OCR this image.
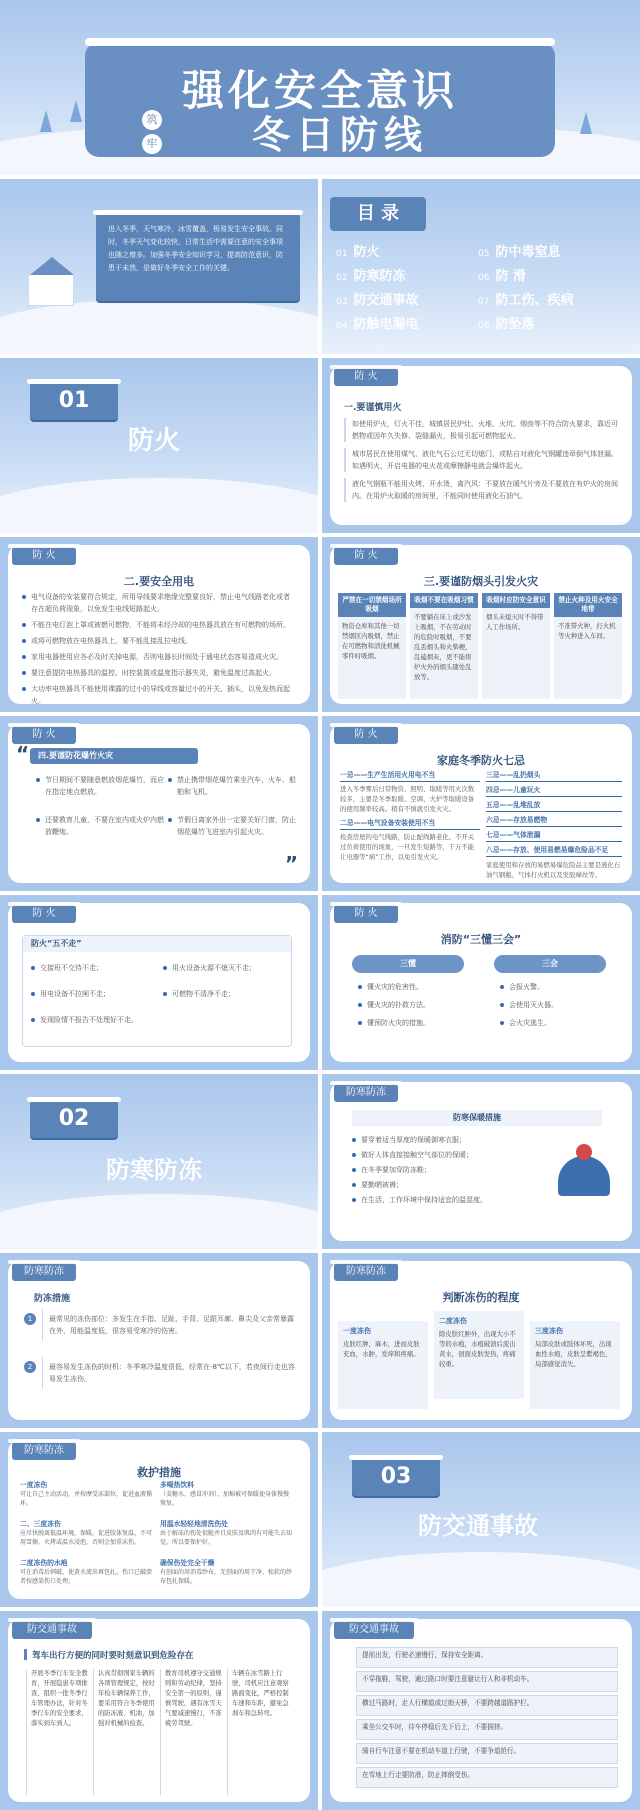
强化安全意识
筑
牢	冬日防线
进入冬季，天气寒冷，冰雪覆盖，极易发生安全事故。同时，冬季天气变化较快，日常生活中需要注意的安全事项也随之增多。加强冬季安全知识学习，提高防范意识，防患于未然，是做好冬季安全工作的关键。
目 录
01 防火
02 防寒防冻
03 防交通事故
04 防触电漏电
05 防中毒窒息
06 防 滑
07 防工伤、疾病
08 防坠落
01
防火
防 火
一.要谨慎用火
如使用炉火，灯火不佳，城镇居民炉灶、火堆、火坑、烟囱等不符合防火要求，靠近可燃物或因年久失修、裂缝漏火，极易引起可燃物起火。
城市居民在使用煤气、液化气石公过无切熄门，或粘自对液化气钢罐违章倒气体泄漏。如遇明火，开启电器的电火花或摩擦静电就会爆炸起火。
液化气钢瓶不能用火烤、开水烫，禽汽风：不要放在暖气片旁及不要放在有炉火的房间内。在用炉火取暖的房间里，不能同时使用液化石油气。
防 火
二.要安全用电
电气设备的安装要符合规定，所用导线要求绝缘完整要良好，禁止电气线路老化或者存在超负荷现象，以免发生电线短路起火。
不能在电灯泡上罩或被燃可燃物，不能将未经冷却的电热器具放在有可燃物的场所。
或将可燃物放在电热器具上，要不能乱接乱拉电线。
家用电器使用应各必及时关掉电源，否则电器长时间处于通电状态容易造成火灾。
要注意提防电热器具的温控、时控装置或温度指示器失灵，避免温度过高起火。
大功率电热器具不能使用裸露的过小的导线或容量过小的开关、插头，以免发热而起火。
防 火
三.要谨防烟头引发火灾
严禁在一切禁烟场所吸烟
物资仓库和其他一切禁烟区内吸烟，禁止在可燃物和清洗机械零件时吸烟。
吸烟不要在吸烟习惯
不要躺在床上或沙发上吸烟，不在劳动时的危险时吸烟，不要乱丢烟头和火柴梗，乱磕烟灰，更不能将炉火外的烟头随处乱放等。
吸烟时应防安全意识
烟头未熄灭时不得带人工作场所。
禁止火种及用火安全地带
不准带火种，打火机等火种进入车间。
防 火
四.要谨防花爆竹火灾
“
”
节日期间不要随意燃放烟花爆竹，而应在指定地点燃放。
禁止携带烟花爆竹乘坐汽车、火车、船舶和飞机。
还要教育儿童，不要在室内或火炉内燃放鞭炮。
节假日离家外出一定要关好门窗，防止烟花爆竹飞进室内引起火灾。
防 火
家庭冬季防火七忌
一忌——生产生活用火用电不当
进入冬季雾后日常物资、照明、取暖等用火次数较多，主要是冬季取暖、空调、火炉等取暖设备的使用频率较高。稍有不慎就引发火灾。
二忌——电气设备安装使用不当
检查房屋的电气线路，防止配线路老化、不开关过负荷使用的现象，一旦发生短路等，千万不能让电器等“病”工作，以免引发火灾。
三忌——乱扔烟头
四忌——儿童玩火
五忌——乱堆乱放
六忌——存放易燃物
七忌——气体泄漏
八忌——存放、使用易燃易爆危险品不足
家庭使用和存放的易燃易爆危险品主要是液化石油气钢瓶、气体打火机以及发胶摩丝等。
防 火
防火“五不走”
交接班不交待不走；	用火设备火源不熄灭不走；
用电设备不拉闸不走；	可燃物不清净不走；
发现险情不报告不处理好不走。
防 火
消防“三懂三会”
三懂	三会
懂火灾的危害性。
懂火灾的扑救方法。
懂预防火灾的措施。
会报火警。
会使用灭火器。
会火灾逃生。
02
防寒防冻
防寒防冻
防寒保暖措施
要穿着适当厚度的保暖御寒衣服；
做好人体直接接触空气部位的保暖；
在冬季要加穿防冻鞋；
要勤晒被褥；
在生活、工作环境中保持适宜的温湿度。
防寒防冻
防冻措施
1	最常见的冻伤部位：多发生在手指、足趾、手背、足跟耳廓、鼻尖及父亲常暴露在外，用能温度低，很容易受寒冷的伤害。
2	最容易发生冻伤的时机：冬季寒冷温度很低，经常在-8℃以下，若夜间行走也容易发生冻伤。
防寒防冻
判断冻伤的程度
一度冻伤
皮肤红肿，麻木，进而皮肤充血，水肿，发痒和疼痛。
二度冻伤
除皮肤红肿外，出现大小不等的水疱，水疱破溃后流出黄水，创面皮肤发热，疼痛较重。
三度冻伤
局部皮肤或肢体坏死，出现血性水疱，皮肤呈紫褐色，局部感觉消失。
防寒防冻
救护措施
一度冻伤
可让自己主动活动，并按摩受冻部位，促进血液循环。
多喝热饮料
（姜糖水、感冒冲剂），加棉被可保暖使身体慢慢恢复。
二、三度冻伤
应尽快脱离低温环境，保暖，促进肢体复温，不可用雪擦，火烤或温水浸泡，否则会加重冻伤。
用温水轻轻地清洗伤处
由于解冻的伤处很脆并且皮肤及肌肉有可能失去知觉，所以要保护好。
二度冻伤的水疱
可在消毒后刺破，使黄水流出再包扎。伤口已破溃者按感染伤口处理。
确保伤处完全干燥
有创面的用消毒纱布，无创面的用干净、松软的纱布包扎保暖。
03
防交通事故
防交通事故
驾车出行方便的同时要时刻意识到危险存在
开展冬季行车安全教育，开展隐患专项排查，组织一批冬季行车管理办法，针对冬季行车的安全要求，落实到车到人。
认真贯彻国家车辆的各项管理规定，按时年检车辆保养工作，要采用符合冬季使用的防冻液、机油，加强对机械的检查。
教育司机遵守交通规则和劳动纪律，坚持安全第一的原则，谨慎驾驶，遇有冰雪天气要减速慢行，不准疲劳驾驶。
车辆在冰雪路上行驶，司机应注意观察路面变化，严格控制车速和车距，避免急刹车和急转弯。
防交通事故
提前出发，行驶必速慢行，保持安全距离。
不穿拖鞋，驾驶，通过路口时要注意避让行人和非机动车。
横过马路时，走人行横道或过街天桥，不要跨越道路护栏。
乘坐公交车时，待车停稳后先下后上，不要拥挤。
骑自行车注意不要在机动车道上行驶，不要争道抢行。
在雪地上行走要防滑，防止摔倒受伤。
